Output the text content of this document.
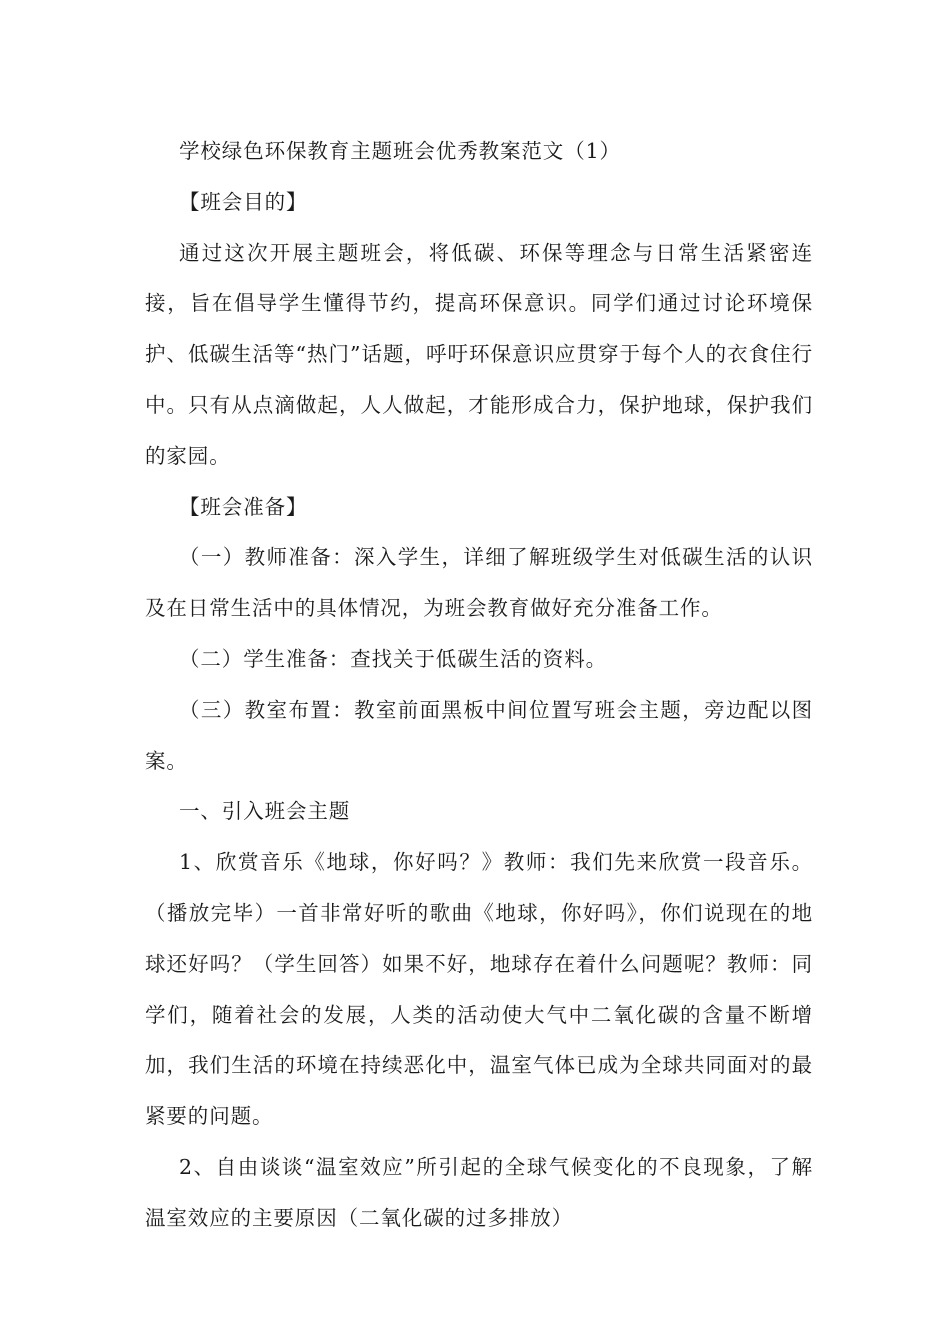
学校绿色环保教育主题班会优秀教案范文（1）

【班会目的】

通过这次开展主题班会，将低碳、环保等理念与日常生活紧密连接，旨在倡导学生懂得节约，提高环保意识。同学们通过讨论环境保护、低碳生活等“热门”话题，呼吁环保意识应贯穿于每个人的衣食住行中。只有从点滴做起，人人做起，才能形成合力，保护地球，保护我们的家园。

【班会准备】

（一）教师准备：深入学生，详细了解班级学生对低碳生活的认识及在日常生活中的具体情况，为班会教育做好充分准备工作。

（二）学生准备：查找关于低碳生活的资料。

（三）教室布置：教室前面黑板中间位置写班会主题，旁边配以图案。

一、引入班会主题

1、欣赏音乐《地球，你好吗？》教师：我们先来欣赏一段音乐。（播放完毕）一首非常好听的歌曲《地球，你好吗》，你们说现在的地球还好吗？（学生回答）如果不好，地球存在着什么问题呢？教师：同学们，随着社会的发展，人类的活动使大气中二氧化碳的含量不断增加，我们生活的环境在持续恶化中，温室气体已成为全球共同面对的最紧要的问题。

2、自由谈谈“温室效应”所引起的全球气候变化的不良现象，了解温室效应的主要原因（二氧化碳的过多排放）
